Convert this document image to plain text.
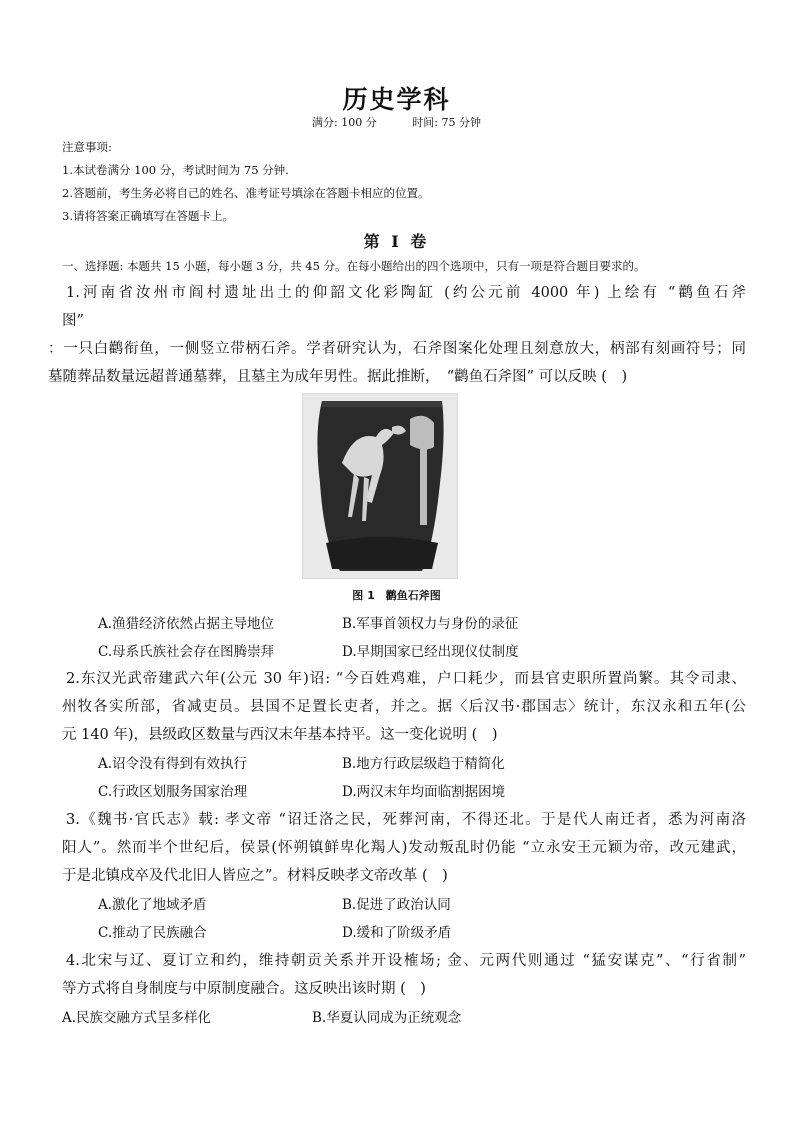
历史学科
满分: 100 分	时间: 75 分钟
注意事项:
1.本试卷满分 100 分，考试时间为 75 分钟.
2.答题前，考生务必将自己的姓名、准考证号填涂在答题卡相应的位置。
3.请将答案正确填写在答题卡上。
第 Ⅰ 卷
一、选择题: 本题共 15 小题，每小题 3 分，共 45 分。在每小题给出的四个选项中，只有一项是符合题目要求的。
1.河南省汝州市阎村遗址出土的仰韶文化彩陶缸 (约公元前 4000 年) 上绘有 “鹳鱼石斧
图”
：一只白鹳衔鱼，一侧竖立带柄石斧。学者研究认为，石斧图案化处理且刻意放大，柄部有刻画符号；同
墓随葬品数量远超普通墓葬，且墓主为成年男性。据此推断，　“鹳鱼石斧图” 可以反映 (　)
图 1　鹳鱼石斧图
A.渔猎经济依然占据主导地位	B.军事首领权力与身份的录征
C.母系氏族社会存在图腾崇拜	D.早期国家已经出现仪仗制度
2.东汉光武帝建武六年(公元 30 年)诏: “今百姓鸡难，户口耗少，而县官吏职所置尚繁。其令司隶、
州牧各实所部，省减吏员。县国不足置长吏者，并之。据〈后汉书·郡国志〉统计，东汉永和五年(公
元 140 年)，县级政区数量与西汉末年基本持平。这一变化说明 (　)
A.诏令没有得到有效执行	B.地方行政层级趋于精简化
C.行政区划服务国家治理	D.两汉末年均面临割据困境
3.《魏书·官氏志》载: 孝文帝 “诏迁洛之民，死葬河南，不得还北。于是代人南迁者，悉为河南洛
阳人”。然而半个世纪后，侯景(怀朔镇鲜卑化羯人)发动叛乱时仍能 “立永安王元颖为帝，改元建武，
于是北镇戍卒及代北旧人皆应之”。材料反映孝文帝改革 (　)
A.激化了地域矛盾	B.促进了政治认同
C.推动了民族融合	D.缓和了阶级矛盾
4.北宋与辽、夏订立和约，维持朝贡关系并开设榷场; 金、元两代则通过 “猛安谋克”、“行省制”
等方式将自身制度与中原制度融合。这反映出该时期 (　)
A.民族交融方式呈多样化	B.华夏认同成为正统观念
